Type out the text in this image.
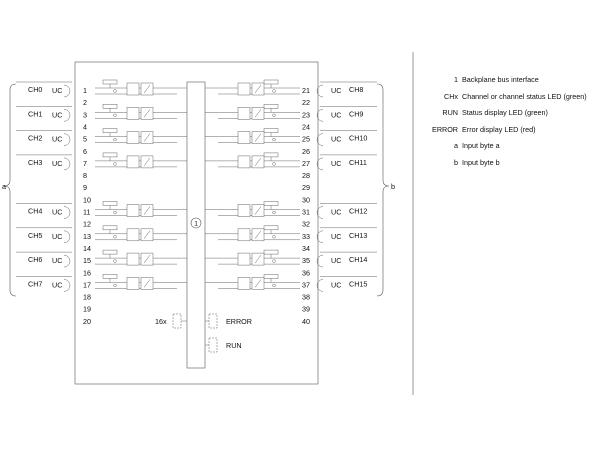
a	b
1
CH0 UC	1
2
CH1 UC	3
4
CH2 UC	5
6
CH3 UC	7
8
CH4 UC	11
12
CH5 UC	13
14
CH6 UC	15
16
CH7 UC	17
18
CH8
UC
21
22
CH9
UC
23
24
CH10
UC
25
26
CH11
UC
27
28
CH12
UC
31
32
CH13
UC
33
34
CH14
UC
35
36
CH15
UC
37
38
9
10
19
20
29
30
39
40
16x	ERROR
RUN
1 Backplane bus interface
CHx Channel or channel status LED (green)
RUN Status display LED (green)
ERROR Error display LED (red)
a Input byte a
b Input byte b
